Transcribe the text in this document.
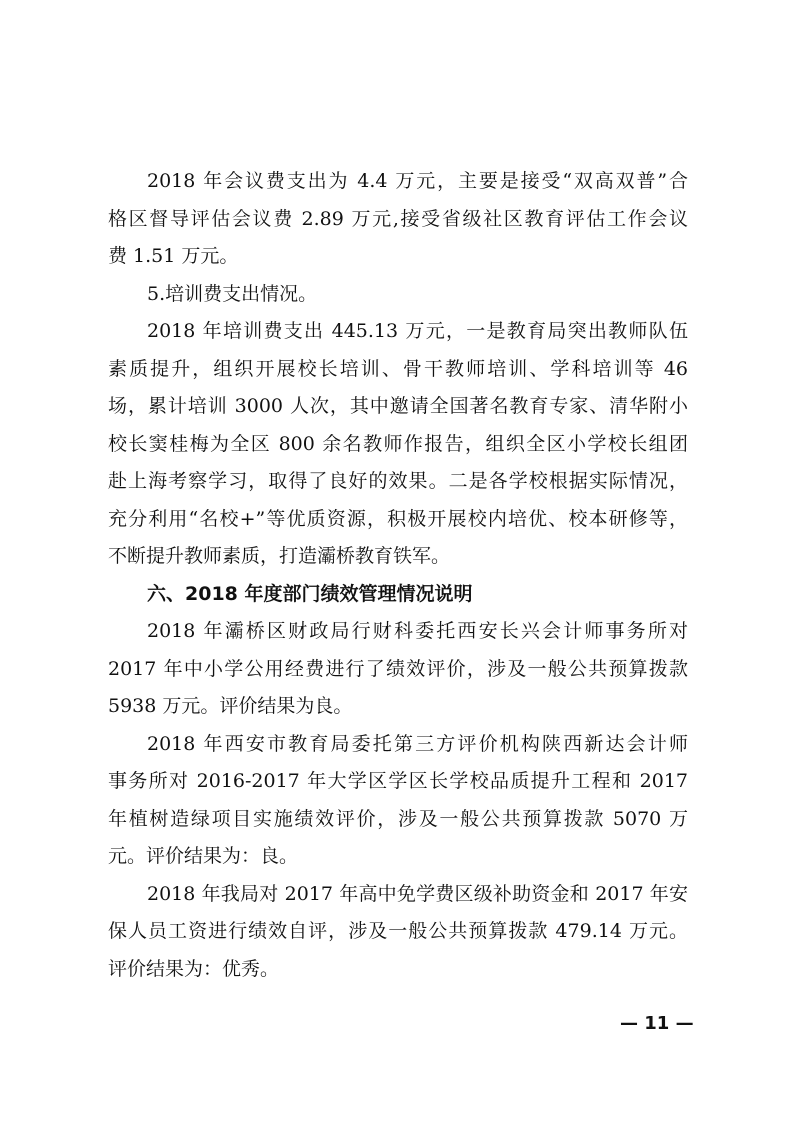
2018 年会议费支出为 4.4 万元，主要是接受“双高双普”合
格区督导评估会议费 2.89 万元,接受省级社区教育评估工作会议
费 1.51 万元。
5.培训费支出情况。
2018 年培训费支出 445.13 万元，一是教育局突出教师队伍
素质提升，组织开展校长培训、骨干教师培训、学科培训等 46
场，累计培训 3000 人次，其中邀请全国著名教育专家、清华附小
校长窦桂梅为全区 800 余名教师作报告，组织全区小学校长组团
赴上海考察学习，取得了良好的效果。二是各学校根据实际情况，
充分利用“名校+”等优质资源，积极开展校内培优、校本研修等，
不断提升教师素质，打造灞桥教育铁军。
六、2018 年度部门绩效管理情况说明
2018 年灞桥区财政局行财科委托西安长兴会计师事务所对
2017 年中小学公用经费进行了绩效评价，涉及一般公共预算拨款
5938 万元。评价结果为良。
2018 年西安市教育局委托第三方评价机构陕西新达会计师
事务所对 2016-2017 年大学区学区长学校品质提升工程和 2017
年植树造绿项目实施绩效评价，涉及一般公共预算拨款 5070 万
元。评价结果为：良。
2018 年我局对 2017 年高中免学费区级补助资金和 2017 年安
保人员工资进行绩效自评，涉及一般公共预算拨款 479.14 万元。
评价结果为：优秀。
— 11 —
